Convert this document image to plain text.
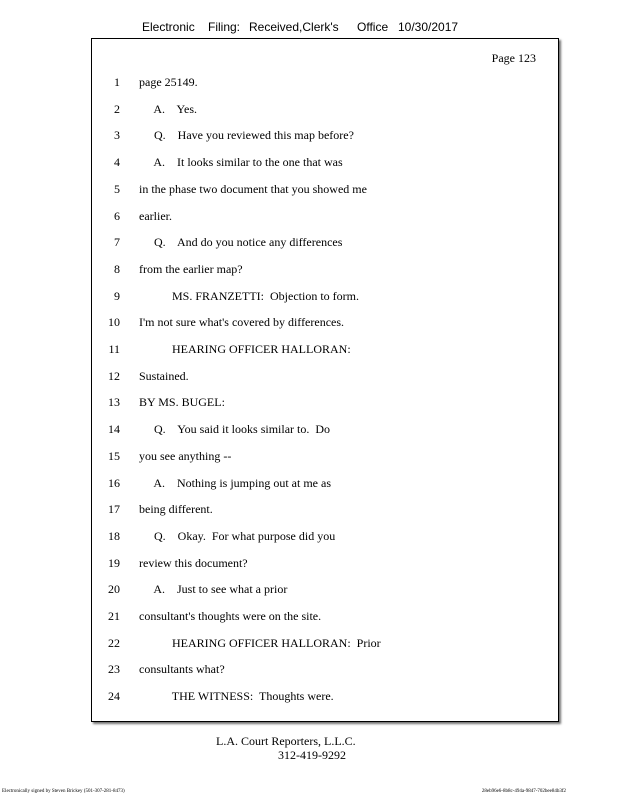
Electronic Filing: Received,Clerk's Office 10/30/2017
Page 123
1 page 25149.
2 A.    Yes.
3 Q.    Have you reviewed this map before?
4 A.    It looks similar to the one that was
5 in the phase two document that you showed me
6 earlier.
7 Q.    And do you notice any differences
8 from the earlier map?
9 MS. FRANZETTI:  Objection to form.
10 I'm not sure what's covered by differences.
11 HEARING OFFICER HALLORAN:
12 Sustained.
13 BY MS. BUGEL:
14 Q.    You said it looks similar to.  Do
15 you see anything --
16 A.    Nothing is jumping out at me as
17 being different.
18 Q.    Okay.  For what purpose did you
19 review this document?
20 A.    Just to see what a prior
21 consultant's thoughts were on the site.
22 HEARING OFFICER HALLORAN:  Prior
23 consultants what?
24 THE WITNESS:  Thoughts were.
L.A. Court Reporters, L.L.C.
312-419-9292
Electronically signed by Steven Brickey (501-307-281-8473)	28eb96e6-8b8c-494a-9847-702bee84b3f2
